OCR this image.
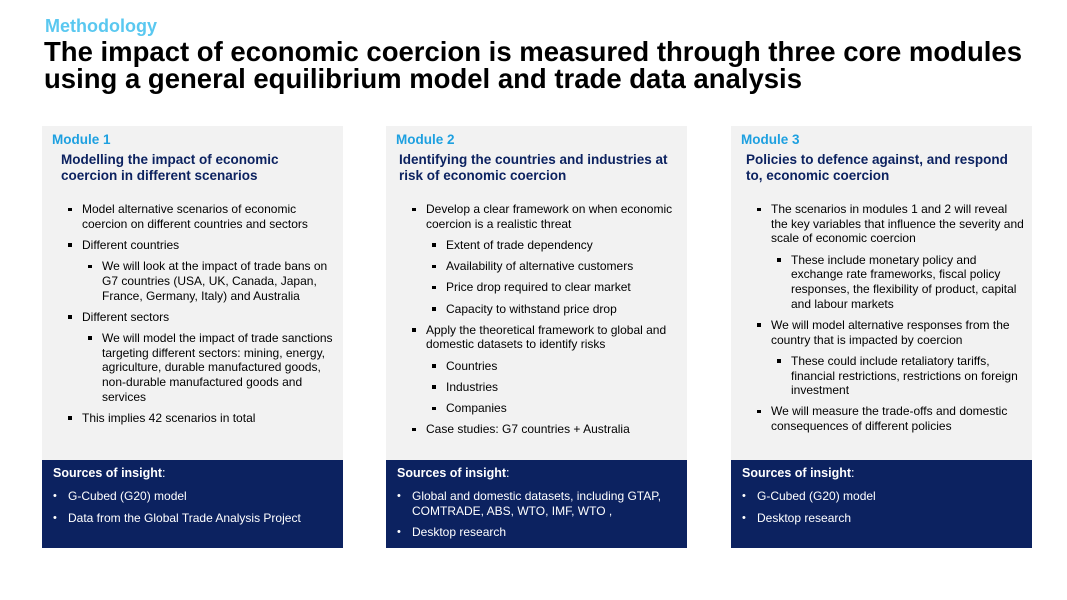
Methodology
The impact of economic coercion is measured through three core modules using a general equilibrium model and trade data analysis
Module 1
Modelling the impact of economic coercion in different scenarios
Model alternative scenarios of economic coercion on different countries and sectors
Different countries
We will look at the impact of trade bans on G7 countries (USA, UK, Canada, Japan, France, Germany, Italy) and Australia
Different sectors
We will model the impact of trade sanctions targeting different sectors: mining, energy, agriculture, durable manufactured goods, non-durable manufactured goods and services
This implies 42 scenarios in total
Sources of insight:
• G-Cubed (G20) model
• Data from the Global Trade Analysis Project
Module 2
Identifying the countries and industries at risk of economic coercion
Develop a clear framework on when economic coercion is a realistic threat
Extent of trade dependency
Availability of alternative customers
Price drop required to clear market
Capacity to withstand price drop
Apply the theoretical framework to global and domestic datasets to identify risks
Countries
Industries
Companies
Case studies: G7 countries + Australia
Sources of insight:
• Global and domestic datasets, including GTAP, COMTRADE, ABS, WTO, IMF, WTO ,
• Desktop research
Module 3
Policies to defence against, and respond to, economic coercion
The scenarios in modules 1 and 2 will reveal the key variables that influence the severity and scale of economic coercion
These include monetary policy and exchange rate frameworks, fiscal policy responses, the flexibility of product, capital and labour markets
We will model alternative responses from the country that is impacted by coercion
These could include retaliatory tariffs, financial restrictions, restrictions on foreign investment
We will measure the trade-offs and domestic consequences of different policies
Sources of insight:
• G-Cubed (G20) model
• Desktop research
